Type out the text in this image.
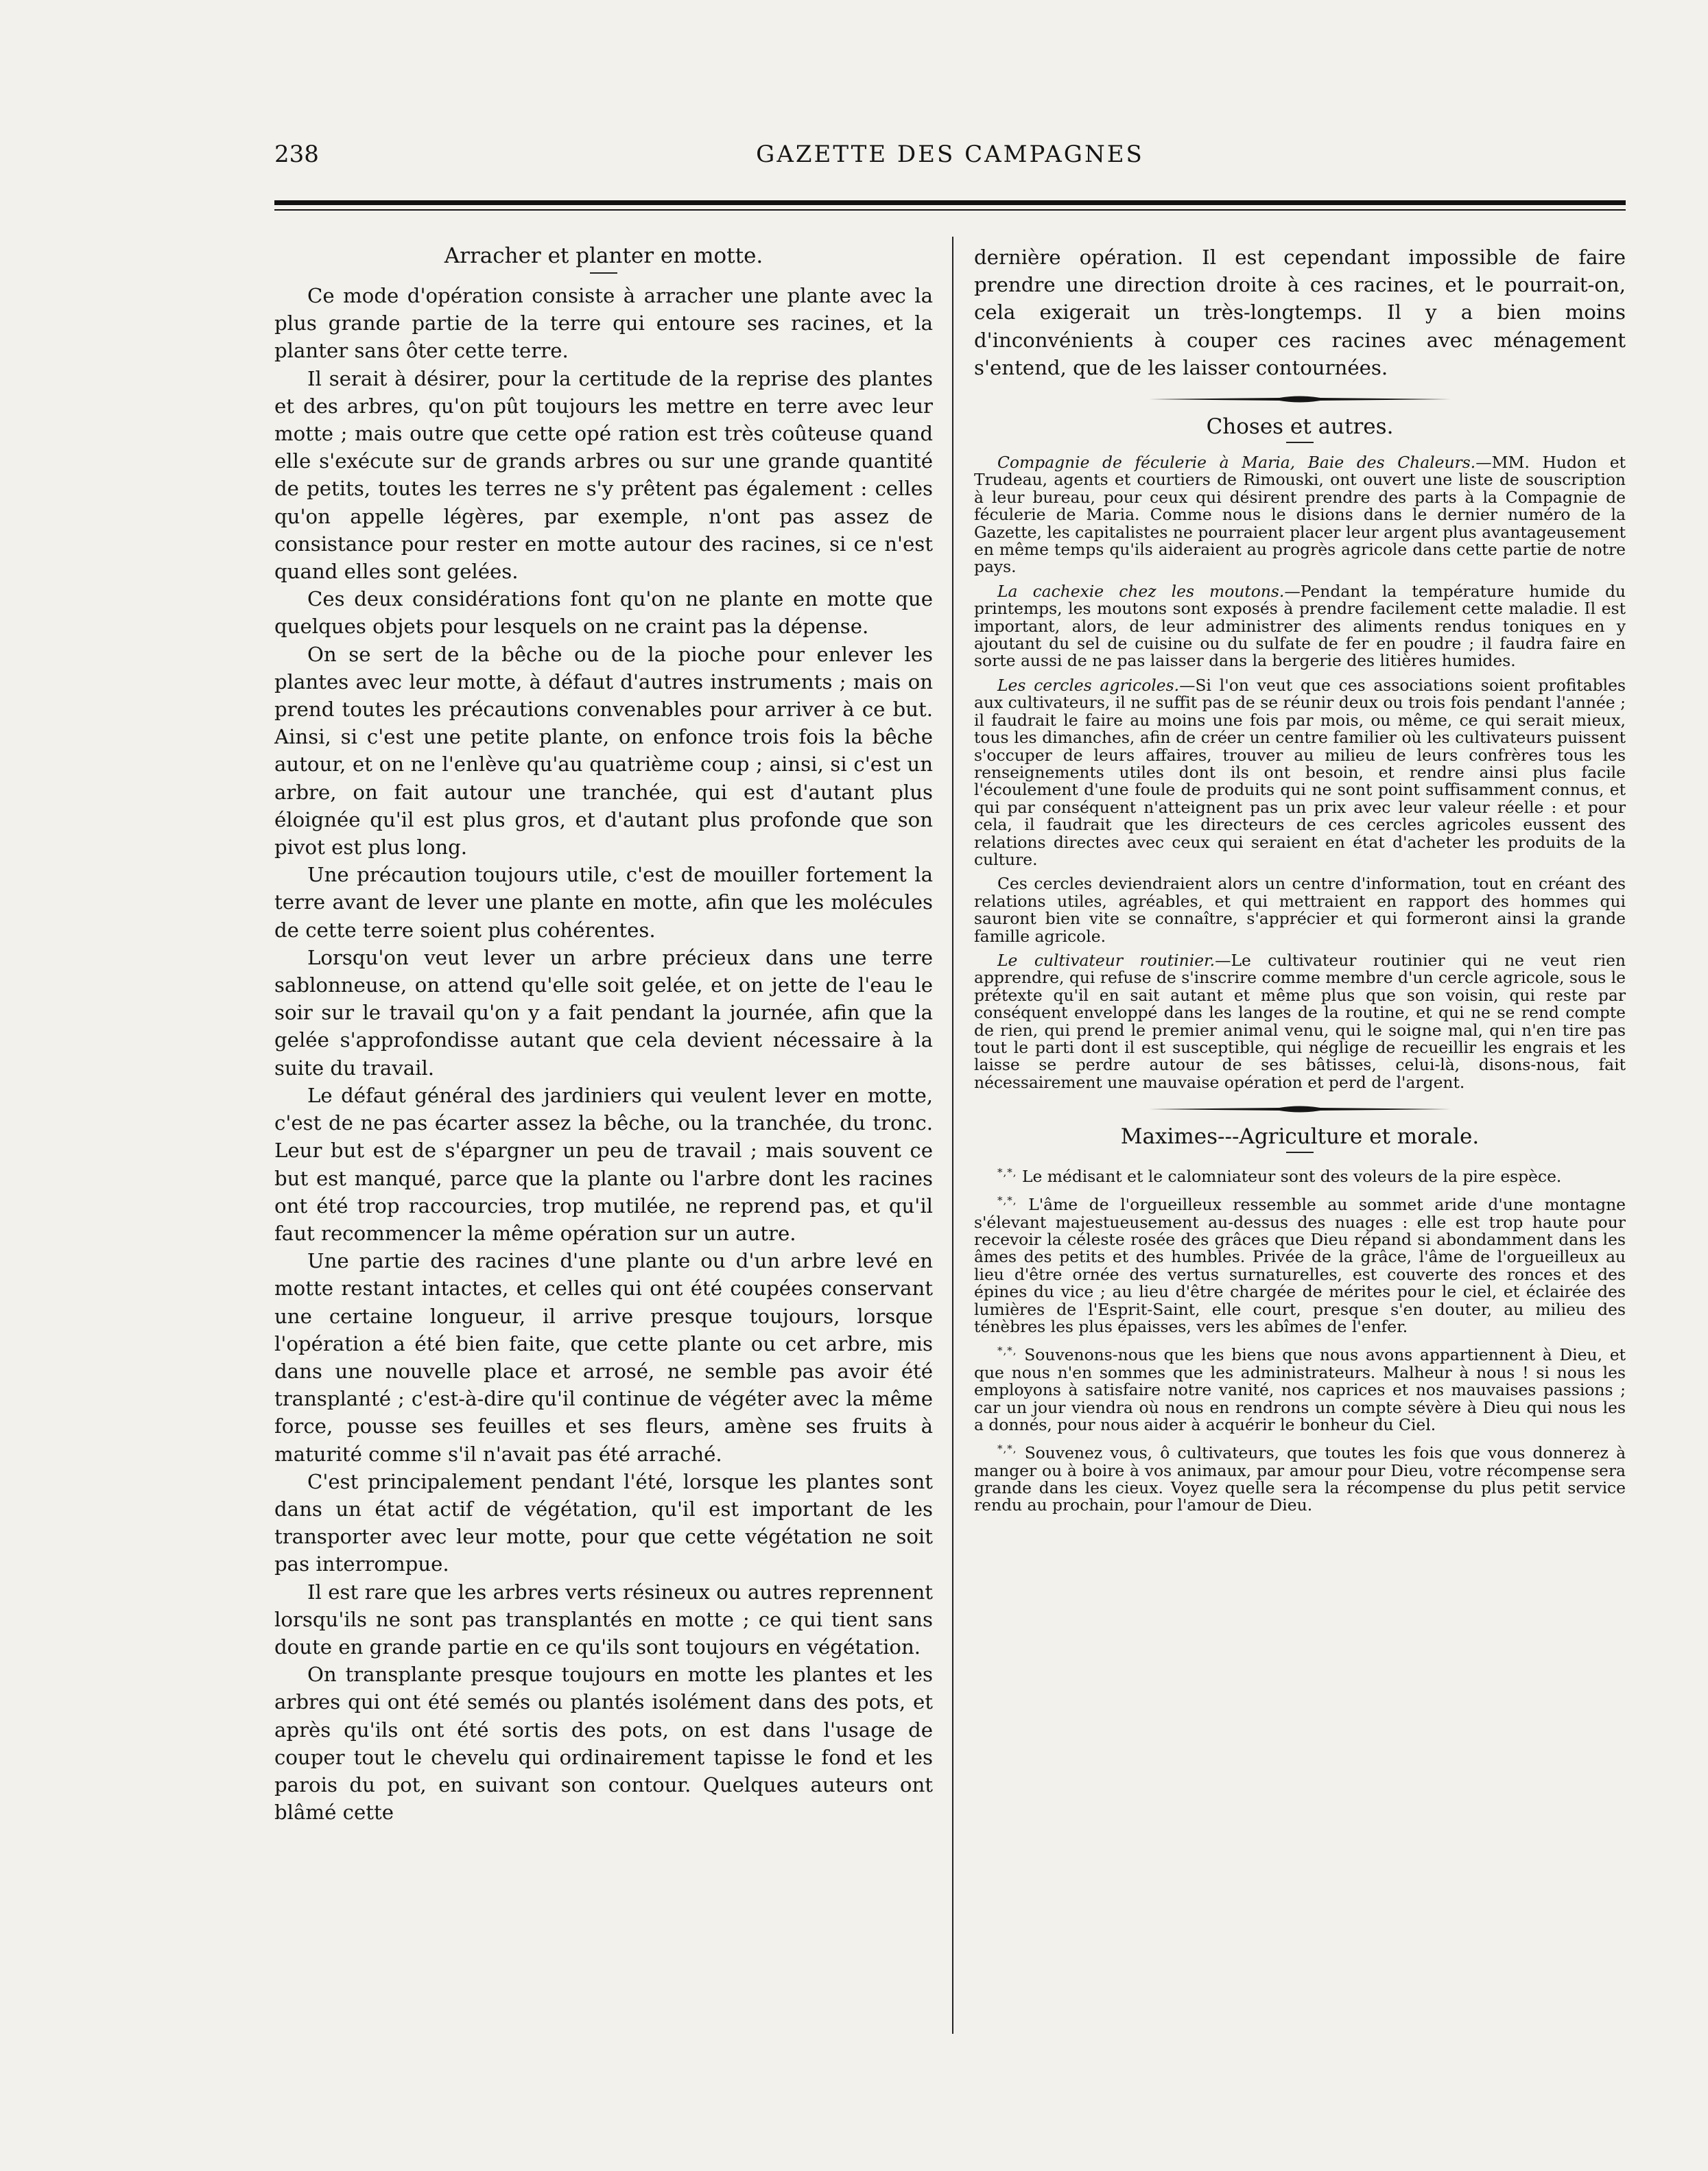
238	GAZETTE DES CAMPAGNES
Arracher et planter en motte.

Ce mode d'opération consiste à arracher une plante avec la plus grande partie de la terre qui entoure ses racines, et la planter sans ôter cette terre.

Il serait à désirer, pour la certitude de la reprise des plantes et des arbres, qu'on pût toujours les mettre en terre avec leur motte ; mais outre que cette opé ration est très coûteuse quand elle s'exécute sur de grands arbres ou sur une grande quantité de petits, toutes les terres ne s'y prêtent pas également : celles qu'on appelle légères, par exemple, n'ont pas assez de consistance pour rester en motte autour des racines, si ce n'est quand elles sont gelées.

Ces deux considérations font qu'on ne plante en motte que quelques objets pour lesquels on ne craint pas la dépense.

On se sert de la bêche ou de la pioche pour enlever les plantes avec leur motte, à défaut d'autres instruments ; mais on prend toutes les précautions convenables pour arriver à ce but. Ainsi, si c'est une petite plante, on enfonce trois fois la bêche autour, et on ne l'enlève qu'au quatrième coup ; ainsi, si c'est un arbre, on fait autour une tranchée, qui est d'autant plus éloignée qu'il est plus gros, et d'autant plus profonde que son pivot est plus long.

Une précaution toujours utile, c'est de mouiller fortement la terre avant de lever une plante en motte, afin que les molécules de cette terre soient plus cohérentes.

Lorsqu'on veut lever un arbre précieux dans une terre sablonneuse, on attend qu'elle soit gelée, et on jette de l'eau le soir sur le travail qu'on y a fait pendant la journée, afin que la gelée s'approfondisse autant que cela devient nécessaire à la suite du travail.

Le défaut général des jardiniers qui veulent lever en motte, c'est de ne pas écarter assez la bêche, ou la tranchée, du tronc. Leur but est de s'épargner un peu de travail ; mais souvent ce but est manqué, parce que la plante ou l'arbre dont les racines ont été trop raccourcies, trop mutilée, ne reprend pas, et qu'il faut recommencer la même opération sur un autre.

Une partie des racines d'une plante ou d'un arbre levé en motte restant intactes, et celles qui ont été coupées conservant une certaine longueur, il arrive presque toujours, lorsque l'opération a été bien faite, que cette plante ou cet arbre, mis dans une nouvelle place et arrosé, ne semble pas avoir été transplanté ; c'est-à-dire qu'il continue de végéter avec la même force, pousse ses feuilles et ses fleurs, amène ses fruits à maturité comme s'il n'avait pas été arraché.

C'est principalement pendant l'été, lorsque les plantes sont dans un état actif de végétation, qu'il est important de les transporter avec leur motte, pour que cette végétation ne soit pas interrompue.

Il est rare que les arbres verts résineux ou autres reprennent lorsqu'ils ne sont pas transplantés en motte ; ce qui tient sans doute en grande partie en ce qu'ils sont toujours en végétation.

On transplante presque toujours en motte les plantes et les arbres qui ont été semés ou plantés isolément dans des pots, et après qu'ils ont été sortis des pots, on est dans l'usage de couper tout le chevelu qui ordinairement tapisse le fond et les parois du pot, en suivant son contour. Quelques auteurs ont blâmé cette

dernière opération. Il est cependant impossible de faire prendre une direction droite à ces racines, et le pourrait-on, cela exigerait un très-longtemps. Il y a bien moins d'inconvénients à couper ces racines avec ménagement s'entend, que de les laisser contournées.

Choses et autres.

Compagnie de féculerie à Maria, Baie des Chaleurs.—MM. Hudon et Trudeau, agents et courtiers de Rimouski, ont ouvert une liste de souscription à leur bureau, pour ceux qui désirent prendre des parts à la Compagnie de féculerie de Maria. Comme nous le disions dans le dernier numéro de la Gazette, les capitalistes ne pourraient placer leur argent plus avantageusement en même temps qu'ils aideraient au progrès agricole dans cette partie de notre pays.

La cachexie chez les moutons.—Pendant la température humide du printemps, les moutons sont exposés à prendre facilement cette maladie. Il est important, alors, de leur administrer des aliments rendus toniques en y ajoutant du sel de cuisine ou du sulfate de fer en poudre ; il faudra faire en sorte aussi de ne pas laisser dans la bergerie des litières humides.

Les cercles agricoles.—Si l'on veut que ces associations soient profitables aux cultivateurs, il ne suffit pas de se réunir deux ou trois fois pendant l'année ; il faudrait le faire au moins une fois par mois, ou même, ce qui serait mieux, tous les dimanches, afin de créer un centre familier où les cultivateurs puissent s'occuper de leurs affaires, trouver au milieu de leurs confrères tous les renseignements utiles dont ils ont besoin, et rendre ainsi plus facile l'écoulement d'une foule de produits qui ne sont point suffisamment connus, et qui par conséquent n'atteignent pas un prix avec leur valeur réelle : et pour cela, il faudrait que les directeurs de ces cercles agricoles eussent des relations directes avec ceux qui seraient en état d'acheter les produits de la culture.

Ces cercles deviendraient alors un centre d'information, tout en créant des relations utiles, agréables, et qui mettraient en rapport des hommes qui sauront bien vite se connaître, s'apprécier et qui formeront ainsi la grande famille agricole.

Le cultivateur routinier.—Le cultivateur routinier qui ne veut rien apprendre, qui refuse de s'inscrire comme membre d'un cercle agricole, sous le prétexte qu'il en sait autant et même plus que son voisin, qui reste par conséquent enveloppé dans les langes de la routine, et qui ne se rend compte de rien, qui prend le premier animal venu, qui le soigne mal, qui n'en tire pas tout le parti dont il est susceptible, qui néglige de recueillir les engrais et les laisse se perdre autour de ses bâtisses, celui-là, disons-nous, fait nécessairement une mauvaise opération et perd de l'argent.

Maximes---Agriculture et morale.

*,*, Le médisant et le calomniateur sont des voleurs de la pire espèce.

*,*, L'âme de l'orgueilleux ressemble au sommet aride d'une montagne s'élevant majestueusement au-dessus des nuages : elle est trop haute pour recevoir la céleste rosée des grâces que Dieu répand si abondamment dans les âmes des petits et des humbles. Privée de la grâce, l'âme de l'orgueilleux au lieu d'être ornée des vertus surnaturelles, est couverte des ronces et des épines du vice ; au lieu d'être chargée de mérites pour le ciel, et éclairée des lumières de l'Esprit-Saint, elle court, presque s'en douter, au milieu des ténèbres les plus épaisses, vers les abîmes de l'enfer.

*,*, Souvenons-nous que les biens que nous avons appartiennent à Dieu, et que nous n'en sommes que les administrateurs. Malheur à nous ! si nous les employons à satisfaire notre vanité, nos caprices et nos mauvaises passions ; car un jour viendra où nous en rendrons un compte sévère à Dieu qui nous les a donnés, pour nous aider à acquérir le bonheur du Ciel.

*,*, Souvenez vous, ô cultivateurs, que toutes les fois que vous donnerez à manger ou à boire à vos animaux, par amour pour Dieu, votre récompense sera grande dans les cieux. Voyez quelle sera la récompense du plus petit service rendu au prochain, pour l'amour de Dieu.
